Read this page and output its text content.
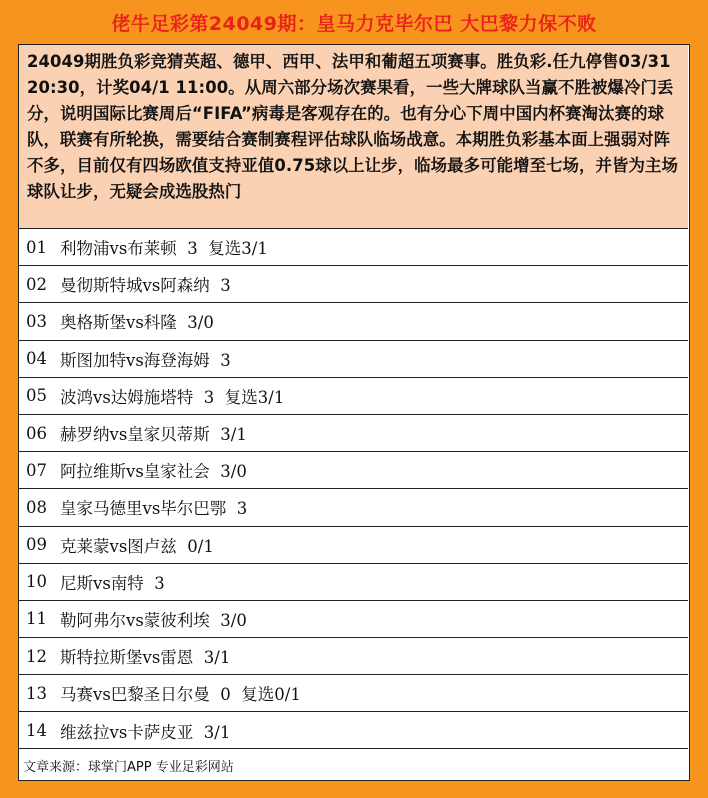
佬牛足彩第24049期：皇马力克毕尔巴 大巴黎力保不败
24049期胜负彩竞猜英超、德甲、西甲、法甲和葡超五项赛事。胜负彩.任九停售03/31 20:30，计奖04/1 11:00。从周六部分场次赛果看，一些大牌球队当赢不胜被爆冷门丢分，说明国际比赛周后“FIFA”病毒是客观存在的。也有分心下周中国内杯赛淘汰赛的球队，联赛有所轮换，需要结合赛制赛程评估球队临场战意。本期胜负彩基本面上强弱对阵不多，目前仅有四场欧值支持亚值0.75球以上让步，临场最多可能增至七场，并皆为主场球队让步，无疑会成选股热门
01 利物浦vs布莱顿  3  复选3/1
02 曼彻斯特城vs阿森纳  3
03 奥格斯堡vs科隆  3/0
04 斯图加特vs海登海姆  3
05 波鸿vs达姆施塔特  3  复选3/1
06 赫罗纳vs皇家贝蒂斯  3/1
07 阿拉维斯vs皇家社会  3/0
08 皇家马德里vs毕尔巴鄂  3
09 克莱蒙vs图卢兹  0/1
10 尼斯vs南特  3
11 勒阿弗尔vs蒙彼利埃  3/0
12 斯特拉斯堡vs雷恩  3/1
13 马赛vs巴黎圣日尔曼  0  复选0/1
14 维兹拉vs卡萨皮亚  3/1
文章来源：球掌门APP 专业足彩网站
